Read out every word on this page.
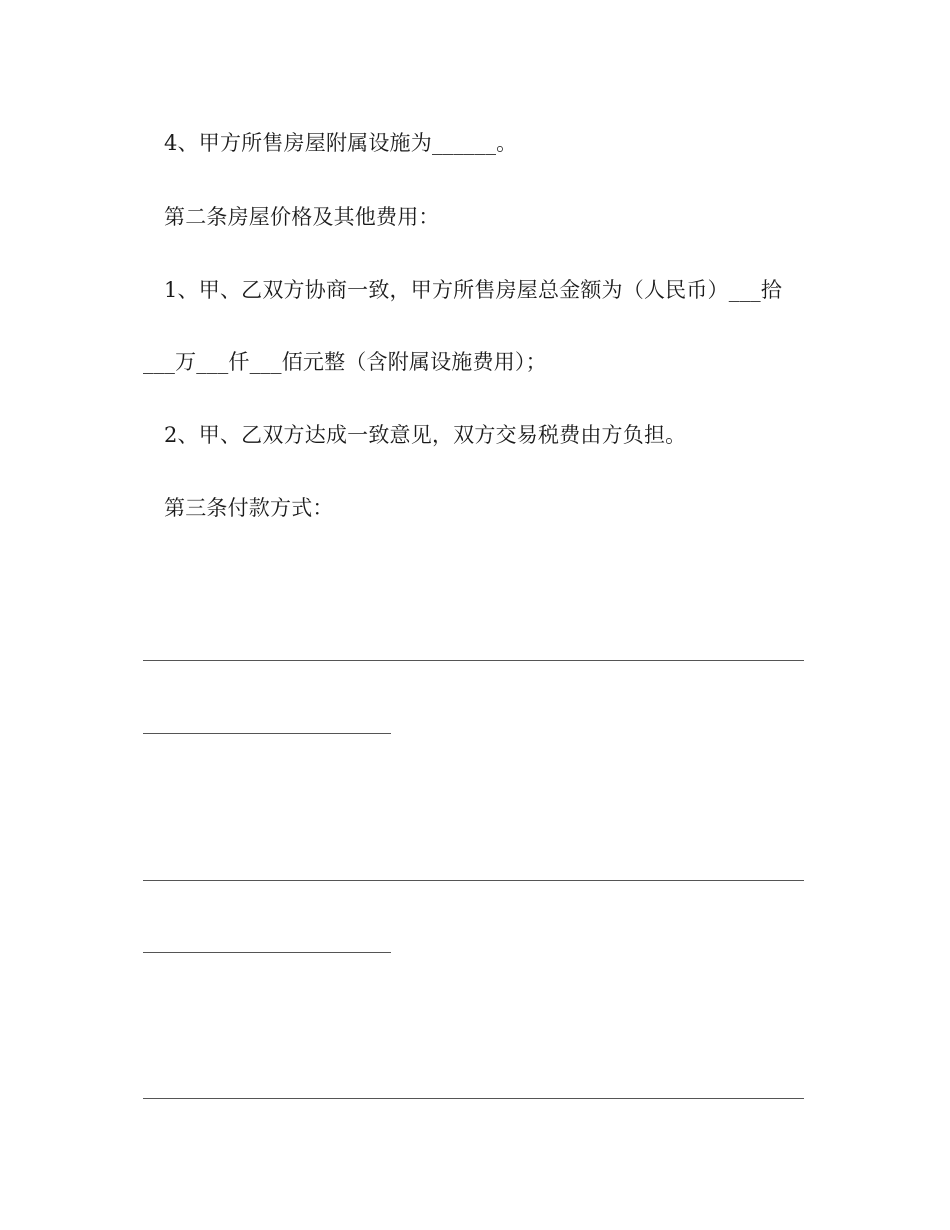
4、甲方所售房屋附属设施为______。
第二条房屋价格及其他费用：
1、甲、乙双方协商一致，甲方所售房屋总金额为（人民币）___拾
___万___仟___佰元整（含附属设施费用）；
2、甲、乙双方达成一致意见，双方交易税费由方负担。
第三条付款方式：
